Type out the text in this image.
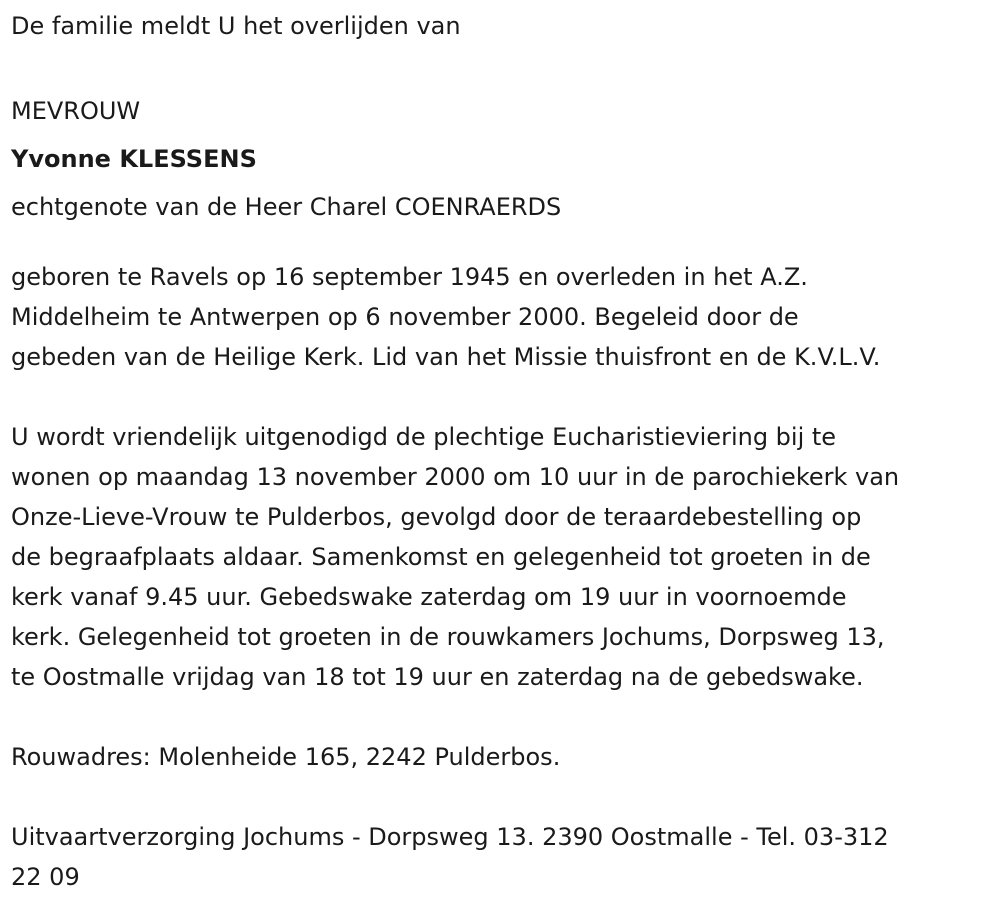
De familie meldt U het overlijden van

MEVROUW

Yvonne KLESSENS

echtgenote van de Heer Charel COENRAERDS

geboren te Ravels op 16 september 1945 en overleden in het A.Z.

Middelheim te Antwerpen op 6 november 2000. Begeleid door de

gebeden van de Heilige Kerk. Lid van het Missie thuisfront en de K.V.L.V.

U wordt vriendelijk uitgenodigd de plechtige Eucharistieviering bij te

wonen op maandag 13 november 2000 om 10 uur in de parochiekerk van

Onze-Lieve-Vrouw te Pulderbos, gevolgd door de teraardebestelling op

de begraafplaats aldaar. Samenkomst en gelegenheid tot groeten in de

kerk vanaf 9.45 uur. Gebedswake zaterdag om 19 uur in voornoemde

kerk. Gelegenheid tot groeten in de rouwkamers Jochums, Dorpsweg 13,

te Oostmalle vrijdag van 18 tot 19 uur en zaterdag na de gebedswake.

Rouwadres: Molenheide 165, 2242 Pulderbos.

Uitvaartverzorging Jochums - Dorpsweg 13. 2390 Oostmalle - Tel. 03-312

22 09
